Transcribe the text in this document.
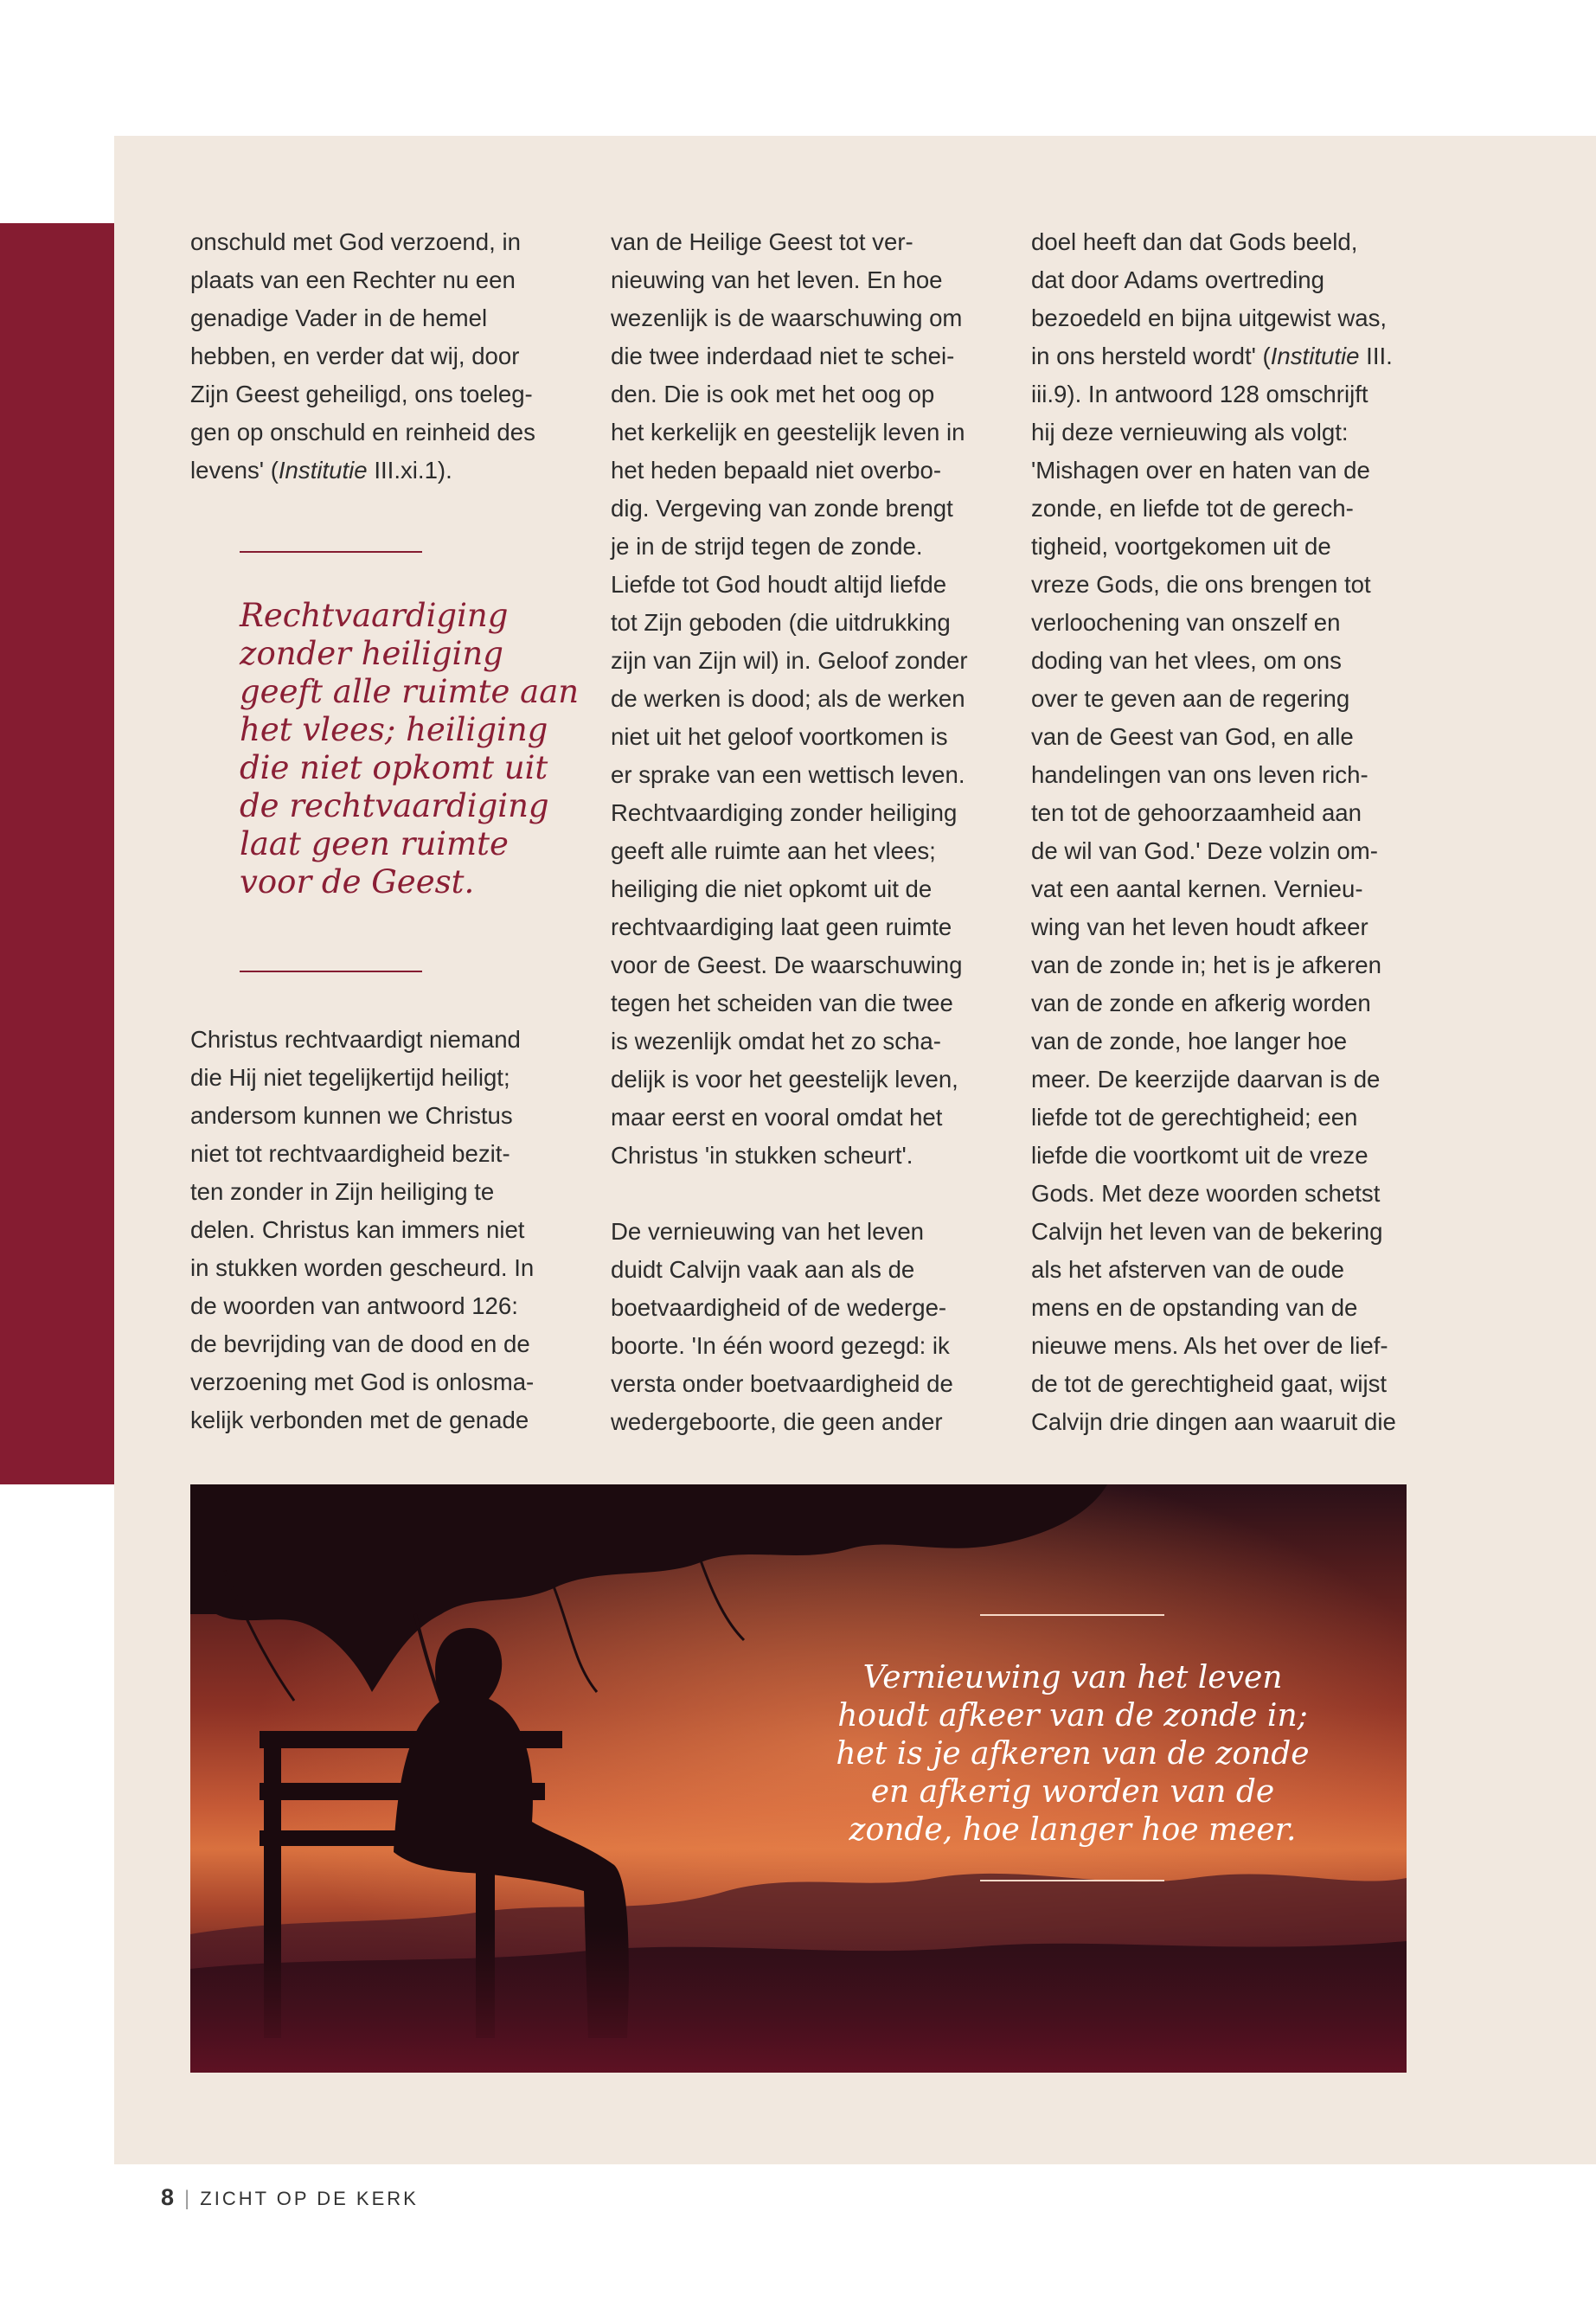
onschuld met God verzoend, in

plaats van een Rechter nu een

genadige Vader in de hemel

hebben, en verder dat wij, door

Zijn Geest geheiligd, ons toeleg-

gen op onschuld en reinheid des

levens' (Institutie III.xi.1).

Rechtvaardiging

zonder heiliging

geeft alle ruimte aan

het vlees; heiliging

die niet opkomt uit

de rechtvaardiging

laat geen ruimte

voor de Geest.

Christus rechtvaardigt niemand

die Hij niet tegelijkertijd heiligt;

andersom kunnen we Christus

niet tot rechtvaardigheid bezit-

ten zonder in Zijn heiliging te

delen. Christus kan immers niet

in stukken worden gescheurd. In

de woorden van antwoord 126:

de bevrijding van de dood en de

verzoening met God is onlosma-

kelijk verbonden met de genade

van de Heilige Geest tot ver-

nieuwing van het leven. En hoe

wezenlijk is de waarschuwing om

die twee inderdaad niet te schei-

den. Die is ook met het oog op

het kerkelijk en geestelijk leven in

het heden bepaald niet overbo-

dig. Vergeving van zonde brengt

je in de strijd tegen de zonde.

Liefde tot God houdt altijd liefde

tot Zijn geboden (die uitdrukking

zijn van Zijn wil) in. Geloof zonder

de werken is dood; als de werken

niet uit het geloof voortkomen is

er sprake van een wettisch leven.

Rechtvaardiging zonder heiliging

geeft alle ruimte aan het vlees;

heiliging die niet opkomt uit de

rechtvaardiging laat geen ruimte

voor de Geest. De waarschuwing

tegen het scheiden van die twee

is wezenlijk omdat het zo scha-

delijk is voor het geestelijk leven,

maar eerst en vooral omdat het

Christus 'in stukken scheurt'.

De vernieuwing van het leven

duidt Calvijn vaak aan als de

boetvaardigheid of de wederge-

boorte. 'In één woord gezegd: ik

versta onder boetvaardigheid de

wedergeboorte, die geen ander

doel heeft dan dat Gods beeld,

dat door Adams overtreding

bezoedeld en bijna uitgewist was,

in ons hersteld wordt' (Institutie III.

iii.9). In antwoord 128 omschrijft

hij deze vernieuwing als volgt:

'Mishagen over en haten van de

zonde, en liefde tot de gerech-

tigheid, voortgekomen uit de

vreze Gods, die ons brengen tot

verloochening van onszelf en

doding van het vlees, om ons

over te geven aan de regering

van de Geest van God, en alle

handelingen van ons leven rich-

ten tot de gehoorzaamheid aan

de wil van God.' Deze volzin om-

vat een aantal kernen. Vernieu-

wing van het leven houdt afkeer

van de zonde in; het is je afkeren

van de zonde en afkerig worden

van de zonde, hoe langer hoe

meer. De keerzijde daarvan is de

liefde tot de gerechtigheid; een

liefde die voortkomt uit de vreze

Gods. Met deze woorden schetst

Calvijn het leven van de bekering

als het afsterven van de oude

mens en de opstanding van de

nieuwe mens. Als het over de lief-

de tot de gerechtigheid gaat, wijst

Calvijn drie dingen aan waaruit die

Vernieuwing van het leven

houdt afkeer van de zonde in;

het is je afkeren van de zonde

en afkerig worden van de

zonde, hoe langer hoe meer.

8 | ZICHT OP DE KERK
